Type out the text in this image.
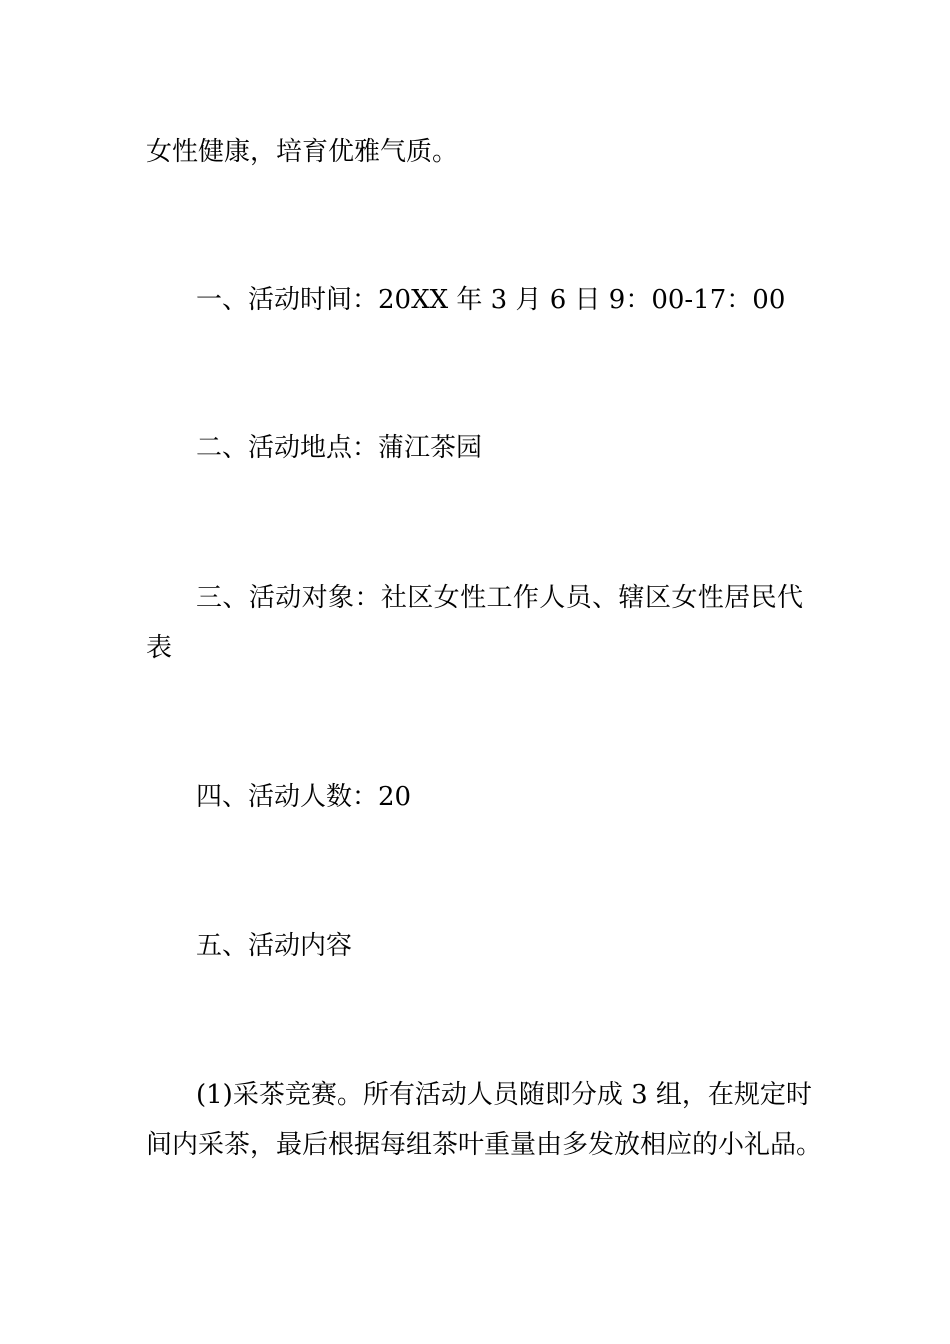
女性健康，培育优雅气质。
一、活动时间：20XX 年 3 月 6 日 9：00-17：00
二、活动地点：蒲江茶园
三、活动对象：社区女性工作人员、辖区女性居民代
表
四、活动人数：20
五、活动内容
(1)采茶竞赛。所有活动人员随即分成 3 组，在规定时
间内采茶，最后根据每组茶叶重量由多发放相应的小礼品。
